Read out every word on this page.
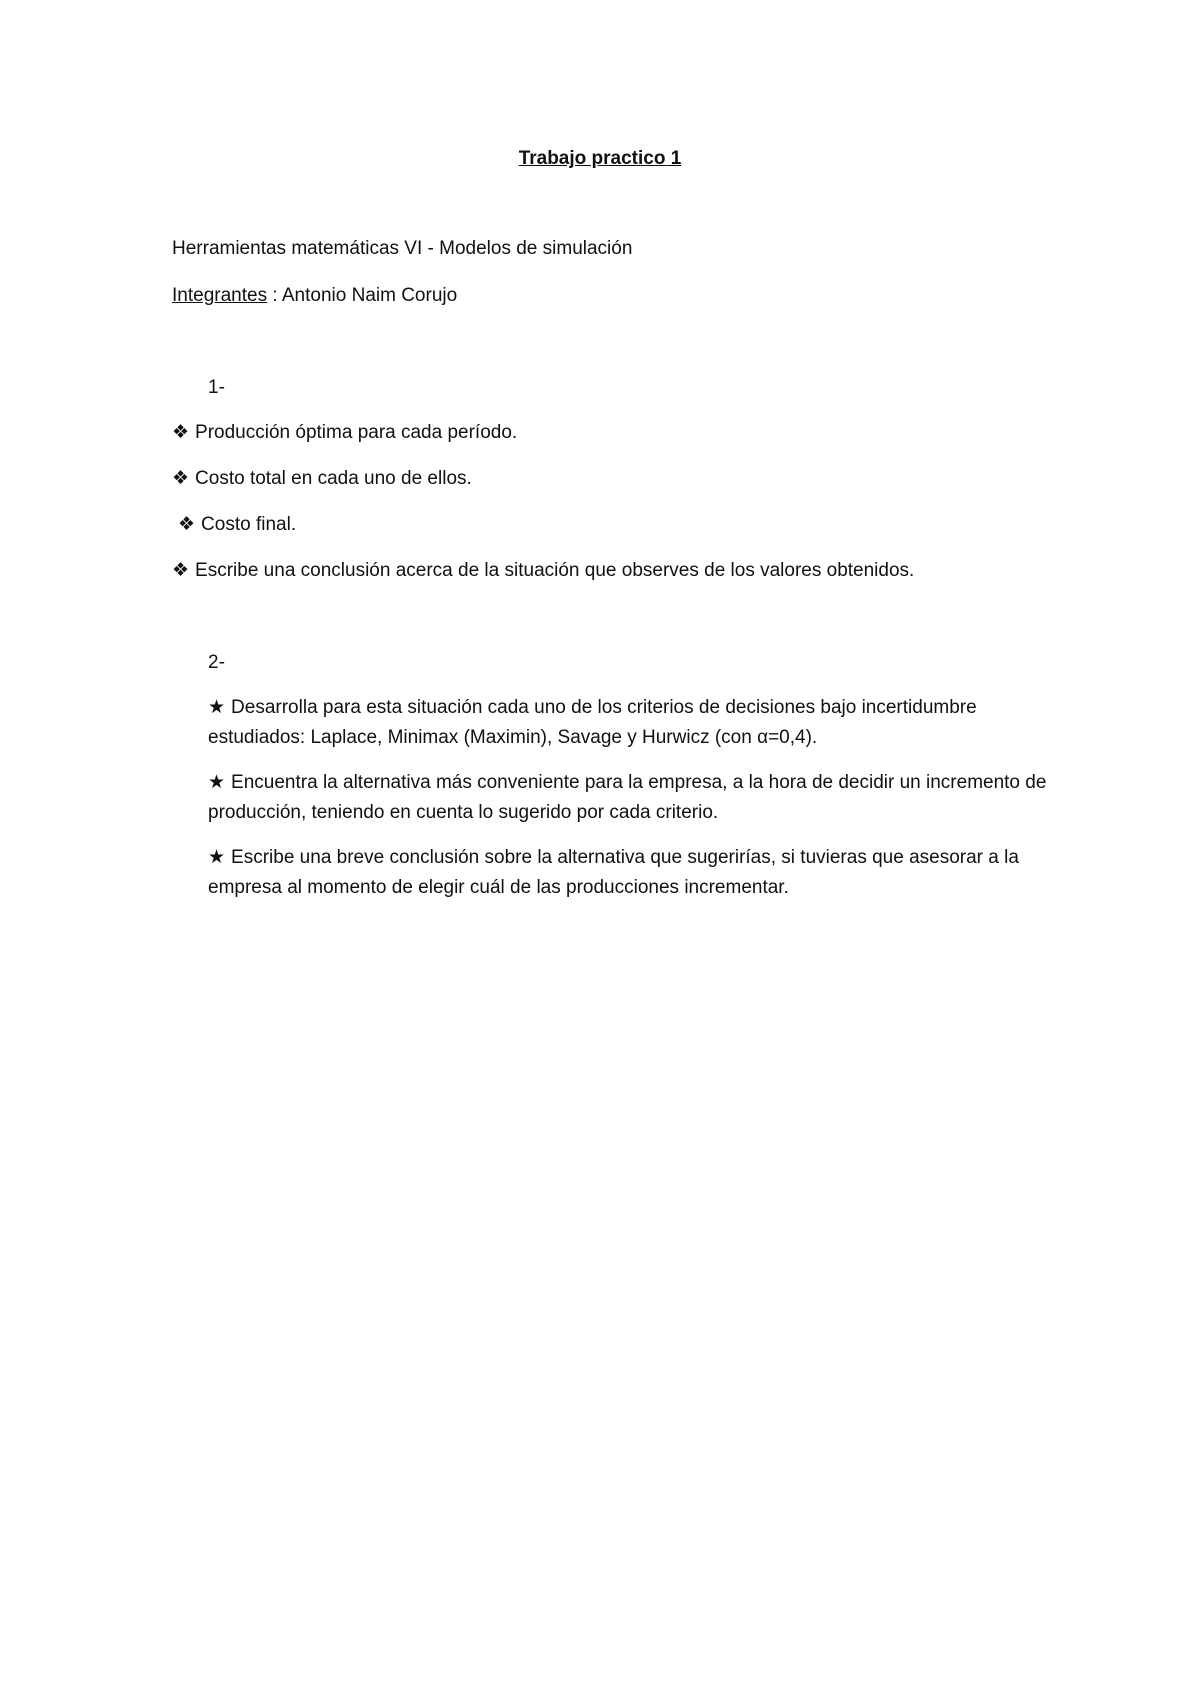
Trabajo practico 1
Herramientas matemáticas VI - Modelos de simulación
Integrantes : Antonio Naim Corujo
1-
❖ Producción óptima para cada período.
❖ Costo total en cada uno de ellos.
❖ Costo final.
❖ Escribe una conclusión acerca de la situación que observes de los valores obtenidos.
2-
★ Desarrolla para esta situación cada uno de los criterios de decisiones bajo incertidumbre estudiados: Laplace, Minimax (Maximin), Savage y Hurwicz (con α=0,4).
★ Encuentra la alternativa más conveniente para la empresa, a la hora de decidir un incremento de producción, teniendo en cuenta lo sugerido por cada criterio.
★ Escribe una breve conclusión sobre la alternativa que sugerirías, si tuvieras que asesorar a la empresa al momento de elegir cuál de las producciones incrementar.
